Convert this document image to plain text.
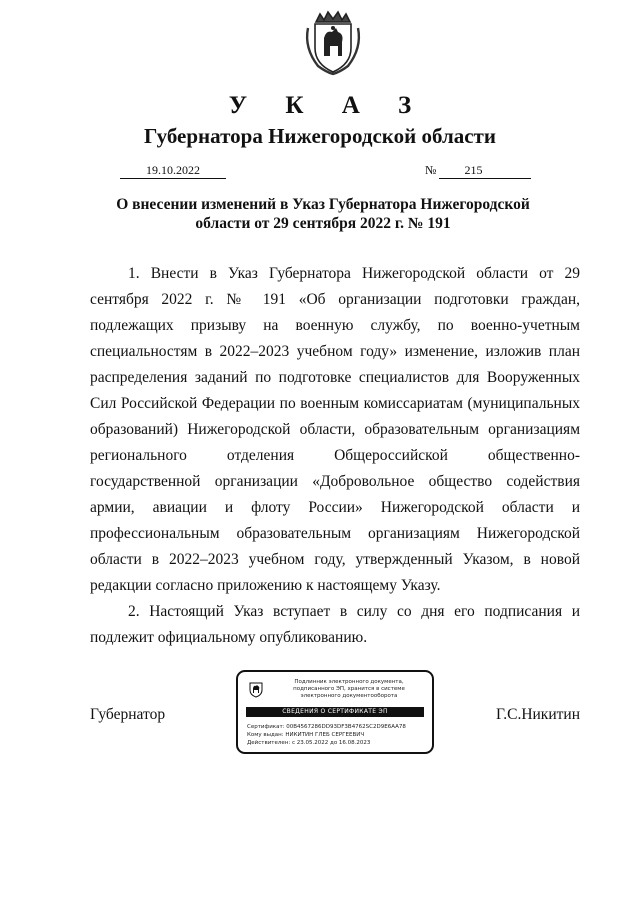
У К А З
Губернатора Нижегородской области
19.10.2022	№ 215
О внесении изменений в Указ Губернатора Нижегородской области от 29 сентября 2022 г. № 191

1. Внести в Указ Губернатора Нижегородской области от 29 сентября 2022 г. № 191 «Об организации подготовки граждан, подлежащих призыву на военную службу, по военно-учетным специальностям в 2022–2023 учебном году» изменение, изложив план распределения заданий по подготовке специалистов для Вооруженных Сил Российской Федерации по военным комиссариатам (муниципальных образований) Нижегородской области, образовательным организациям регионального отделения Общероссийской общественно-государственной организации «Добровольное общество содействия армии, авиации и флоту России» Нижегородской области и профессиональным образовательным организациям Нижегородской области в 2022–2023 учебном году, утвержденный Указом, в новой редакции согласно приложению к настоящему Указу.

2. Настоящий Указ вступает в силу со дня его подписания и подлежит официальному опубликованию.

Губернатор	Г.С.Никитин
Подлинник электронного документа, подписанного ЭП, хранится в системе электронного документооборота
СВЕДЕНИЯ О СЕРТИФИКАТЕ ЭП
Сертификат: 00B4567286DD93DF3B4762SC2D9E6AA78
Кому выдан: НИКИТИН ГЛЕБ СЕРГЕЕВИЧ
Действителен: с 23.05.2022 до 16.08.2023
